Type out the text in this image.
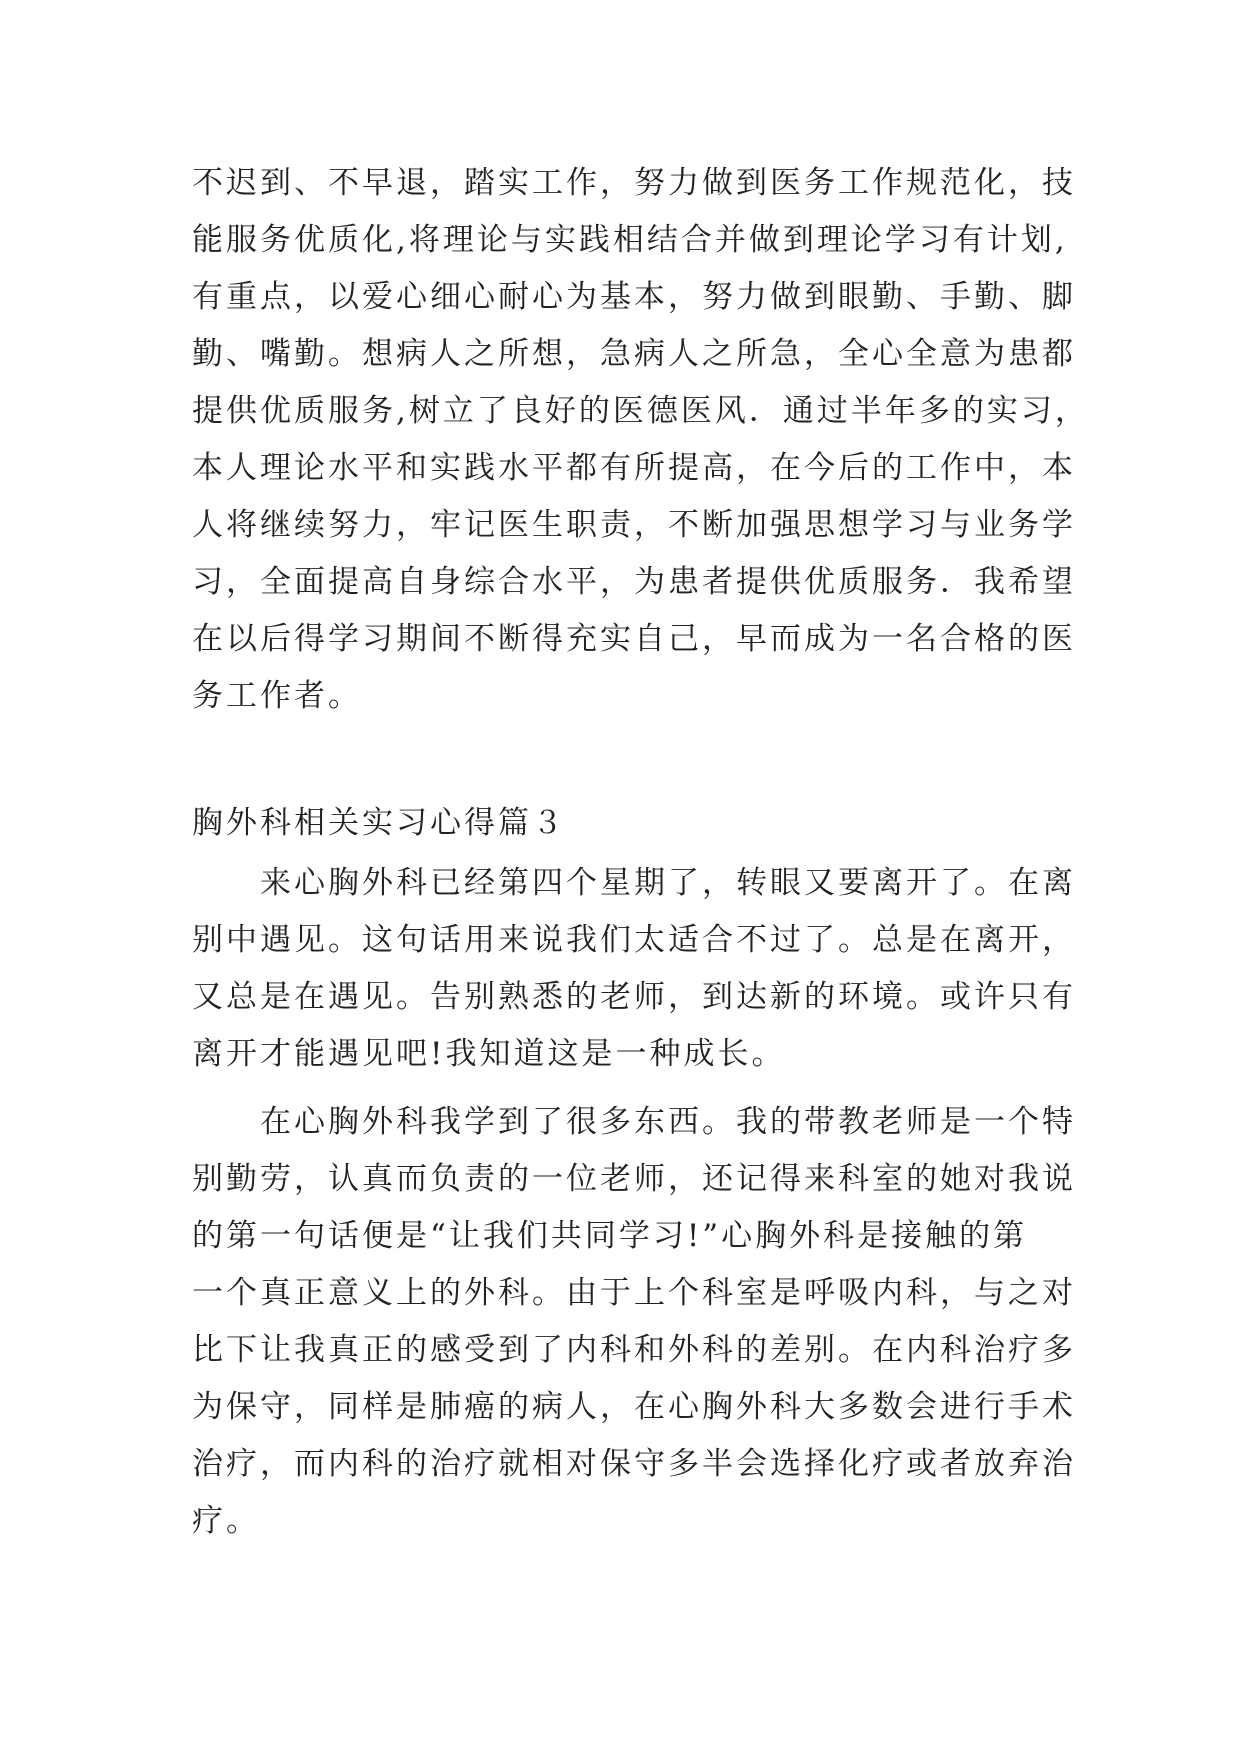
不迟到、不早退，踏实工作，努力做到医务工作规范化，技
能服务优质化,将理论与实践相结合并做到理论学习有计划,
有重点，以爱心细心耐心为基本，努力做到眼勤、手勤、脚
勤、嘴勤。想病人之所想，急病人之所急，全心全意为患都
提供优质服务,树立了良好的医德医风．通过半年多的实习，
本人理论水平和实践水平都有所提高，在今后的工作中，本
人将继续努力，牢记医生职责，不断加强思想学习与业务学
习，全面提高自身综合水平，为患者提供优质服务．我希望
在以后得学习期间不断得充实自己，早而成为一名合格的医
务工作者。
胸外科相关实习心得篇３
　　来心胸外科已经第四个星期了，转眼又要离开了。在离
别中遇见。这句话用来说我们太适合不过了。总是在离开，
又总是在遇见。告别熟悉的老师，到达新的环境。或许只有
离开才能遇见吧!我知道这是一种成长。
　　在心胸外科我学到了很多东西。我的带教老师是一个特
别勤劳，认真而负责的一位老师，还记得来科室的她对我说
的第一句话便是“让我们共同学习!”心胸外科是接触的第
一个真正意义上的外科。由于上个科室是呼吸内科，与之对
比下让我真正的感受到了内科和外科的差别。在内科治疗多
为保守，同样是肺癌的病人，在心胸外科大多数会进行手术
治疗，而内科的治疗就相对保守多半会选择化疗或者放弃治
疗。
